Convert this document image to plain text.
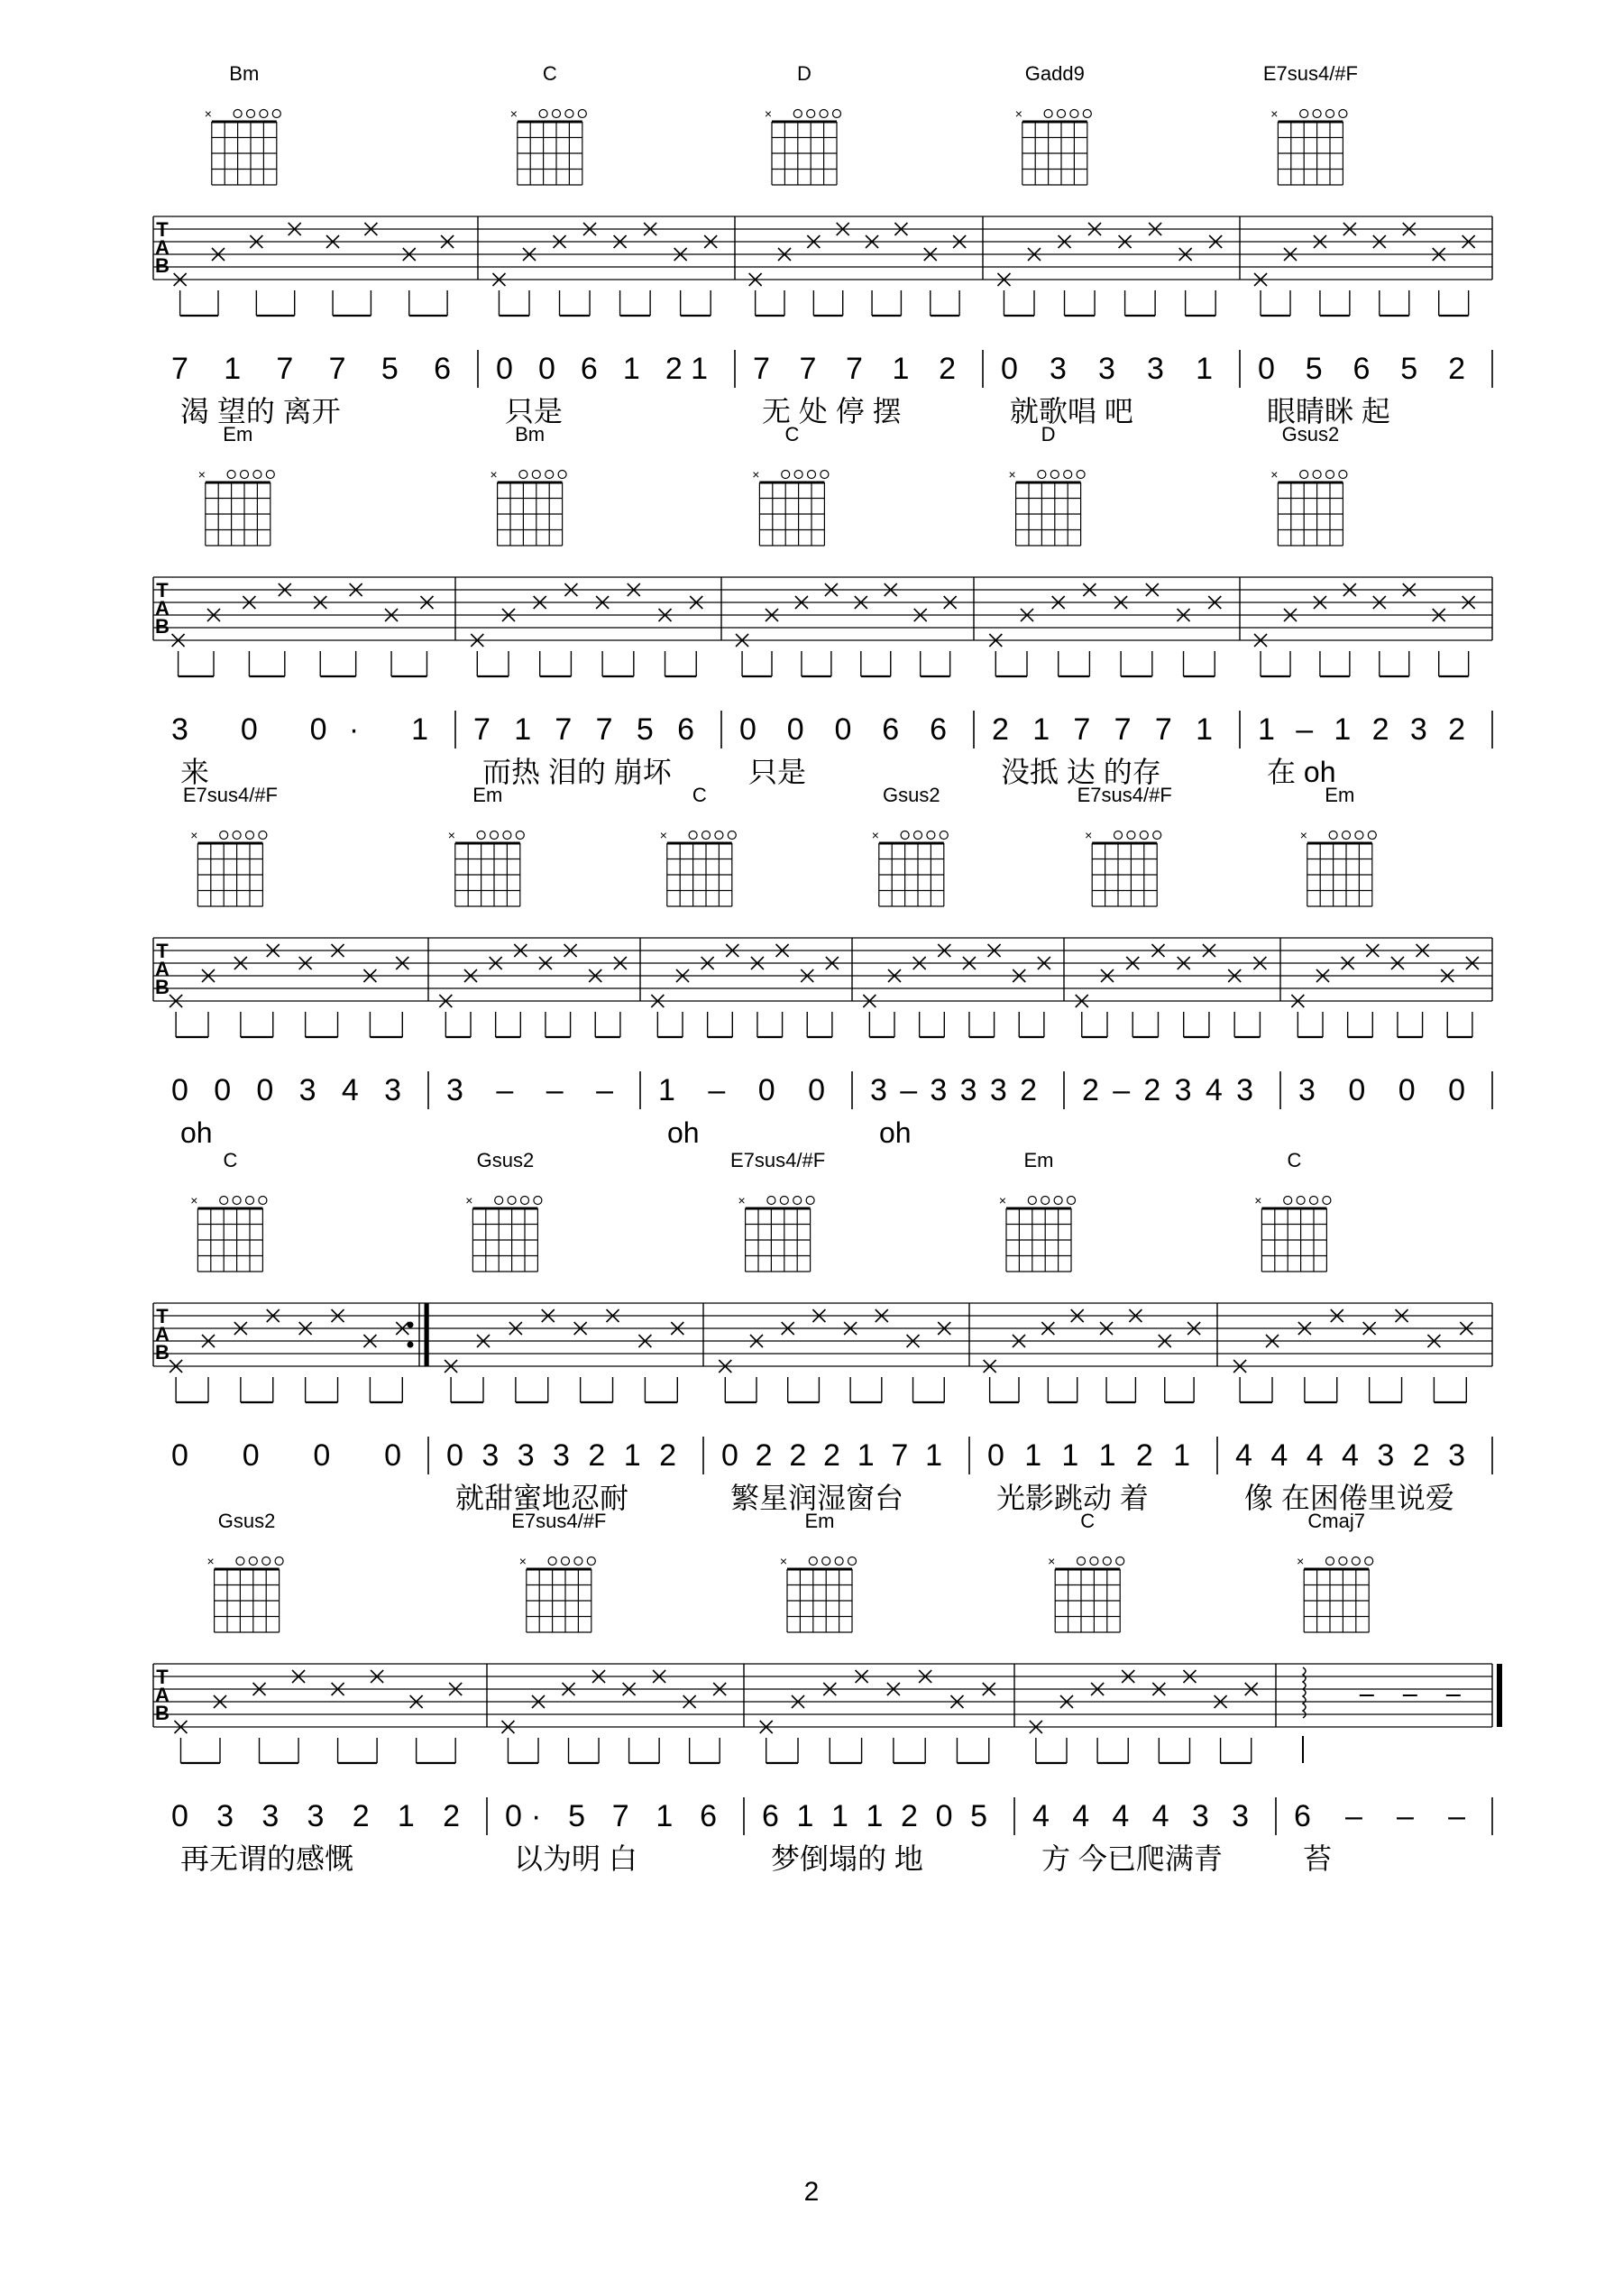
2
T
A
B
Bm
×
7 1 7 7 5 6
渴 望的 离开
C
×
0 0 6 1 21
只是
D
×
7 7 7 1 2
无 处 停 摆
Gadd9
×
0 3 3 3 1
就歌唱 吧
E7sus4/#F
×
0 5 6 5 2
眼睛眯 起
T
A
B
Em
×
3 0 0· 1
来
Bm
×
7 1 7 7 5 6
而热 泪的 崩坏
C
×
0 0 0 6 6
只是
D
×
2 1 7 7 7 1
没抵 达 的存
Gsus2
×
1 – 1 2 3 2
在 oh
T
A
B
E7sus4/#F
×
0 0 0 3 4 3
oh
Em
×
3 – – –
C
×
1 – 0 0
oh
Gsus2
×
3 – 3 3 3 2
oh
E7sus4/#F
×
2 – 2 3 4 3
Em
×
3 0 0 0
T
A
B
C
×
0 0 0 0
Gsus2
×
0 3 3 3 2 1 2
就甜蜜地忍耐
E7sus4/#F
×
0 2 2 2 1 7 1
繁星润湿窗台
Em
×
0 1 1 1 2 1
光影跳动 着
C
×
4 4 4 4 3 2 3
像 在困倦里说爱
T
A
B
Gsus2
×
0 3 3 3 2 1 2
再无谓的感慨
E7sus4/#F
×
0· 5 7 1 6
以为明 白
Em
×
6 1 1 1 2 0 5
梦倒塌的 地
C
×
4 4 4 4 3 3
方 今已爬满青
Cmaj7
×
6 – – –
苔
